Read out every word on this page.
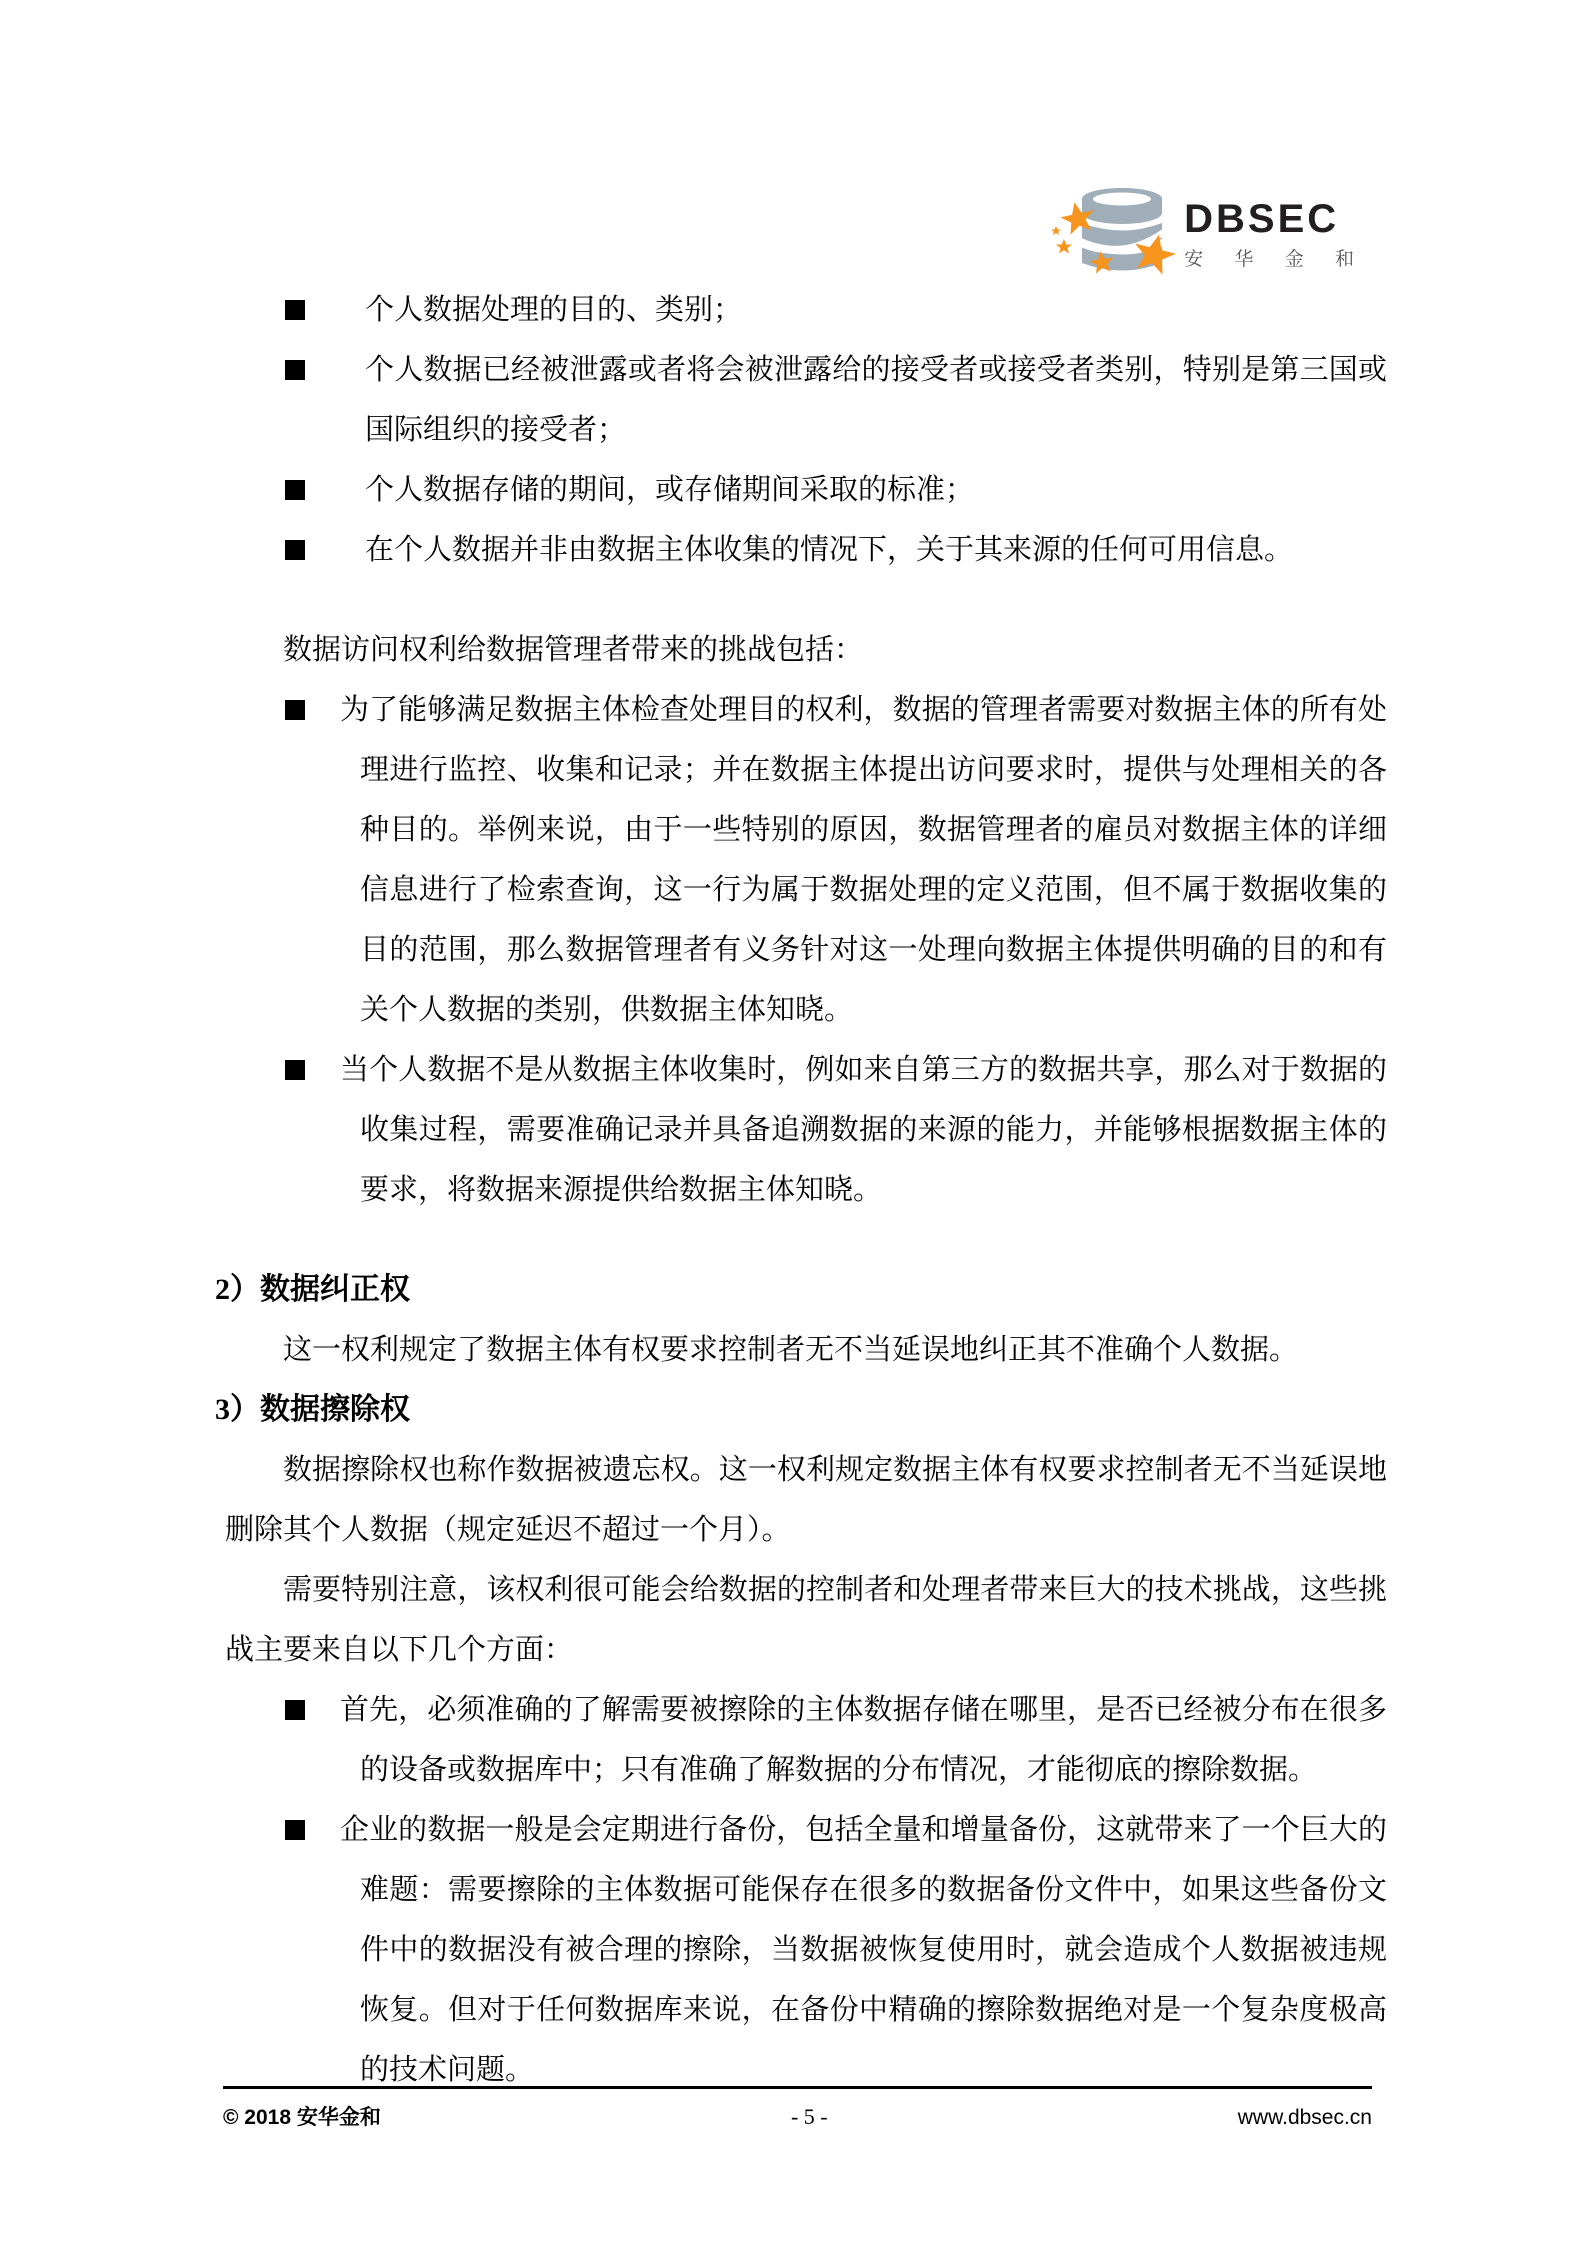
DBSEC
安 华 金 和
个人数据处理的目的、类别；
个人数据已经被泄露或者将会被泄露给的接受者或接受者类别，特别是第三国或国际组织的接受者；
个人数据存储的期间，或存储期间采取的标准；
在个人数据并非由数据主体收集的情况下，关于其来源的任何可用信息。

数据访问权利给数据管理者带来的挑战包括：

为了能够满足数据主体检查处理目的权利，数据的管理者需要对数据主体的所有处理进行监控、收集和记录；并在数据主体提出访问要求时，提供与处理相关的各种目的。举例来说，由于一些特别的原因，数据管理者的雇员对数据主体的详细信息进行了检索查询，这一行为属于数据处理的定义范围，但不属于数据收集的目的范围，那么数据管理者有义务针对这一处理向数据主体提供明确的目的和有关个人数据的类别，供数据主体知晓。
当个人数据不是从数据主体收集时，例如来自第三方的数据共享，那么对于数据的收集过程，需要准确记录并具备追溯数据的来源的能力，并能够根据数据主体的要求，将数据来源提供给数据主体知晓。
2）数据纠正权

这一权利规定了数据主体有权要求控制者无不当延误地纠正其不准确个人数据。

3）数据擦除权

数据擦除权也称作数据被遗忘权。这一权利规定数据主体有权要求控制者无不当延误地删除其个人数据（规定延迟不超过一个月）。

需要特别注意，该权利很可能会给数据的控制者和处理者带来巨大的技术挑战，这些挑战主要来自以下几个方面：

首先，必须准确的了解需要被擦除的主体数据存储在哪里，是否已经被分布在很多的设备或数据库中；只有准确了解数据的分布情况，才能彻底的擦除数据。
企业的数据一般是会定期进行备份，包括全量和增量备份，这就带来了一个巨大的难题：需要擦除的主体数据可能保存在很多的数据备份文件中，如果这些备份文件中的数据没有被合理的擦除，当数据被恢复使用时，就会造成个人数据被违规恢复。但对于任何数据库来说，在备份中精确的擦除数据绝对是一个复杂度极高的技术问题。
© 2018 安华金和	- 5 -	www.dbsec.cn
